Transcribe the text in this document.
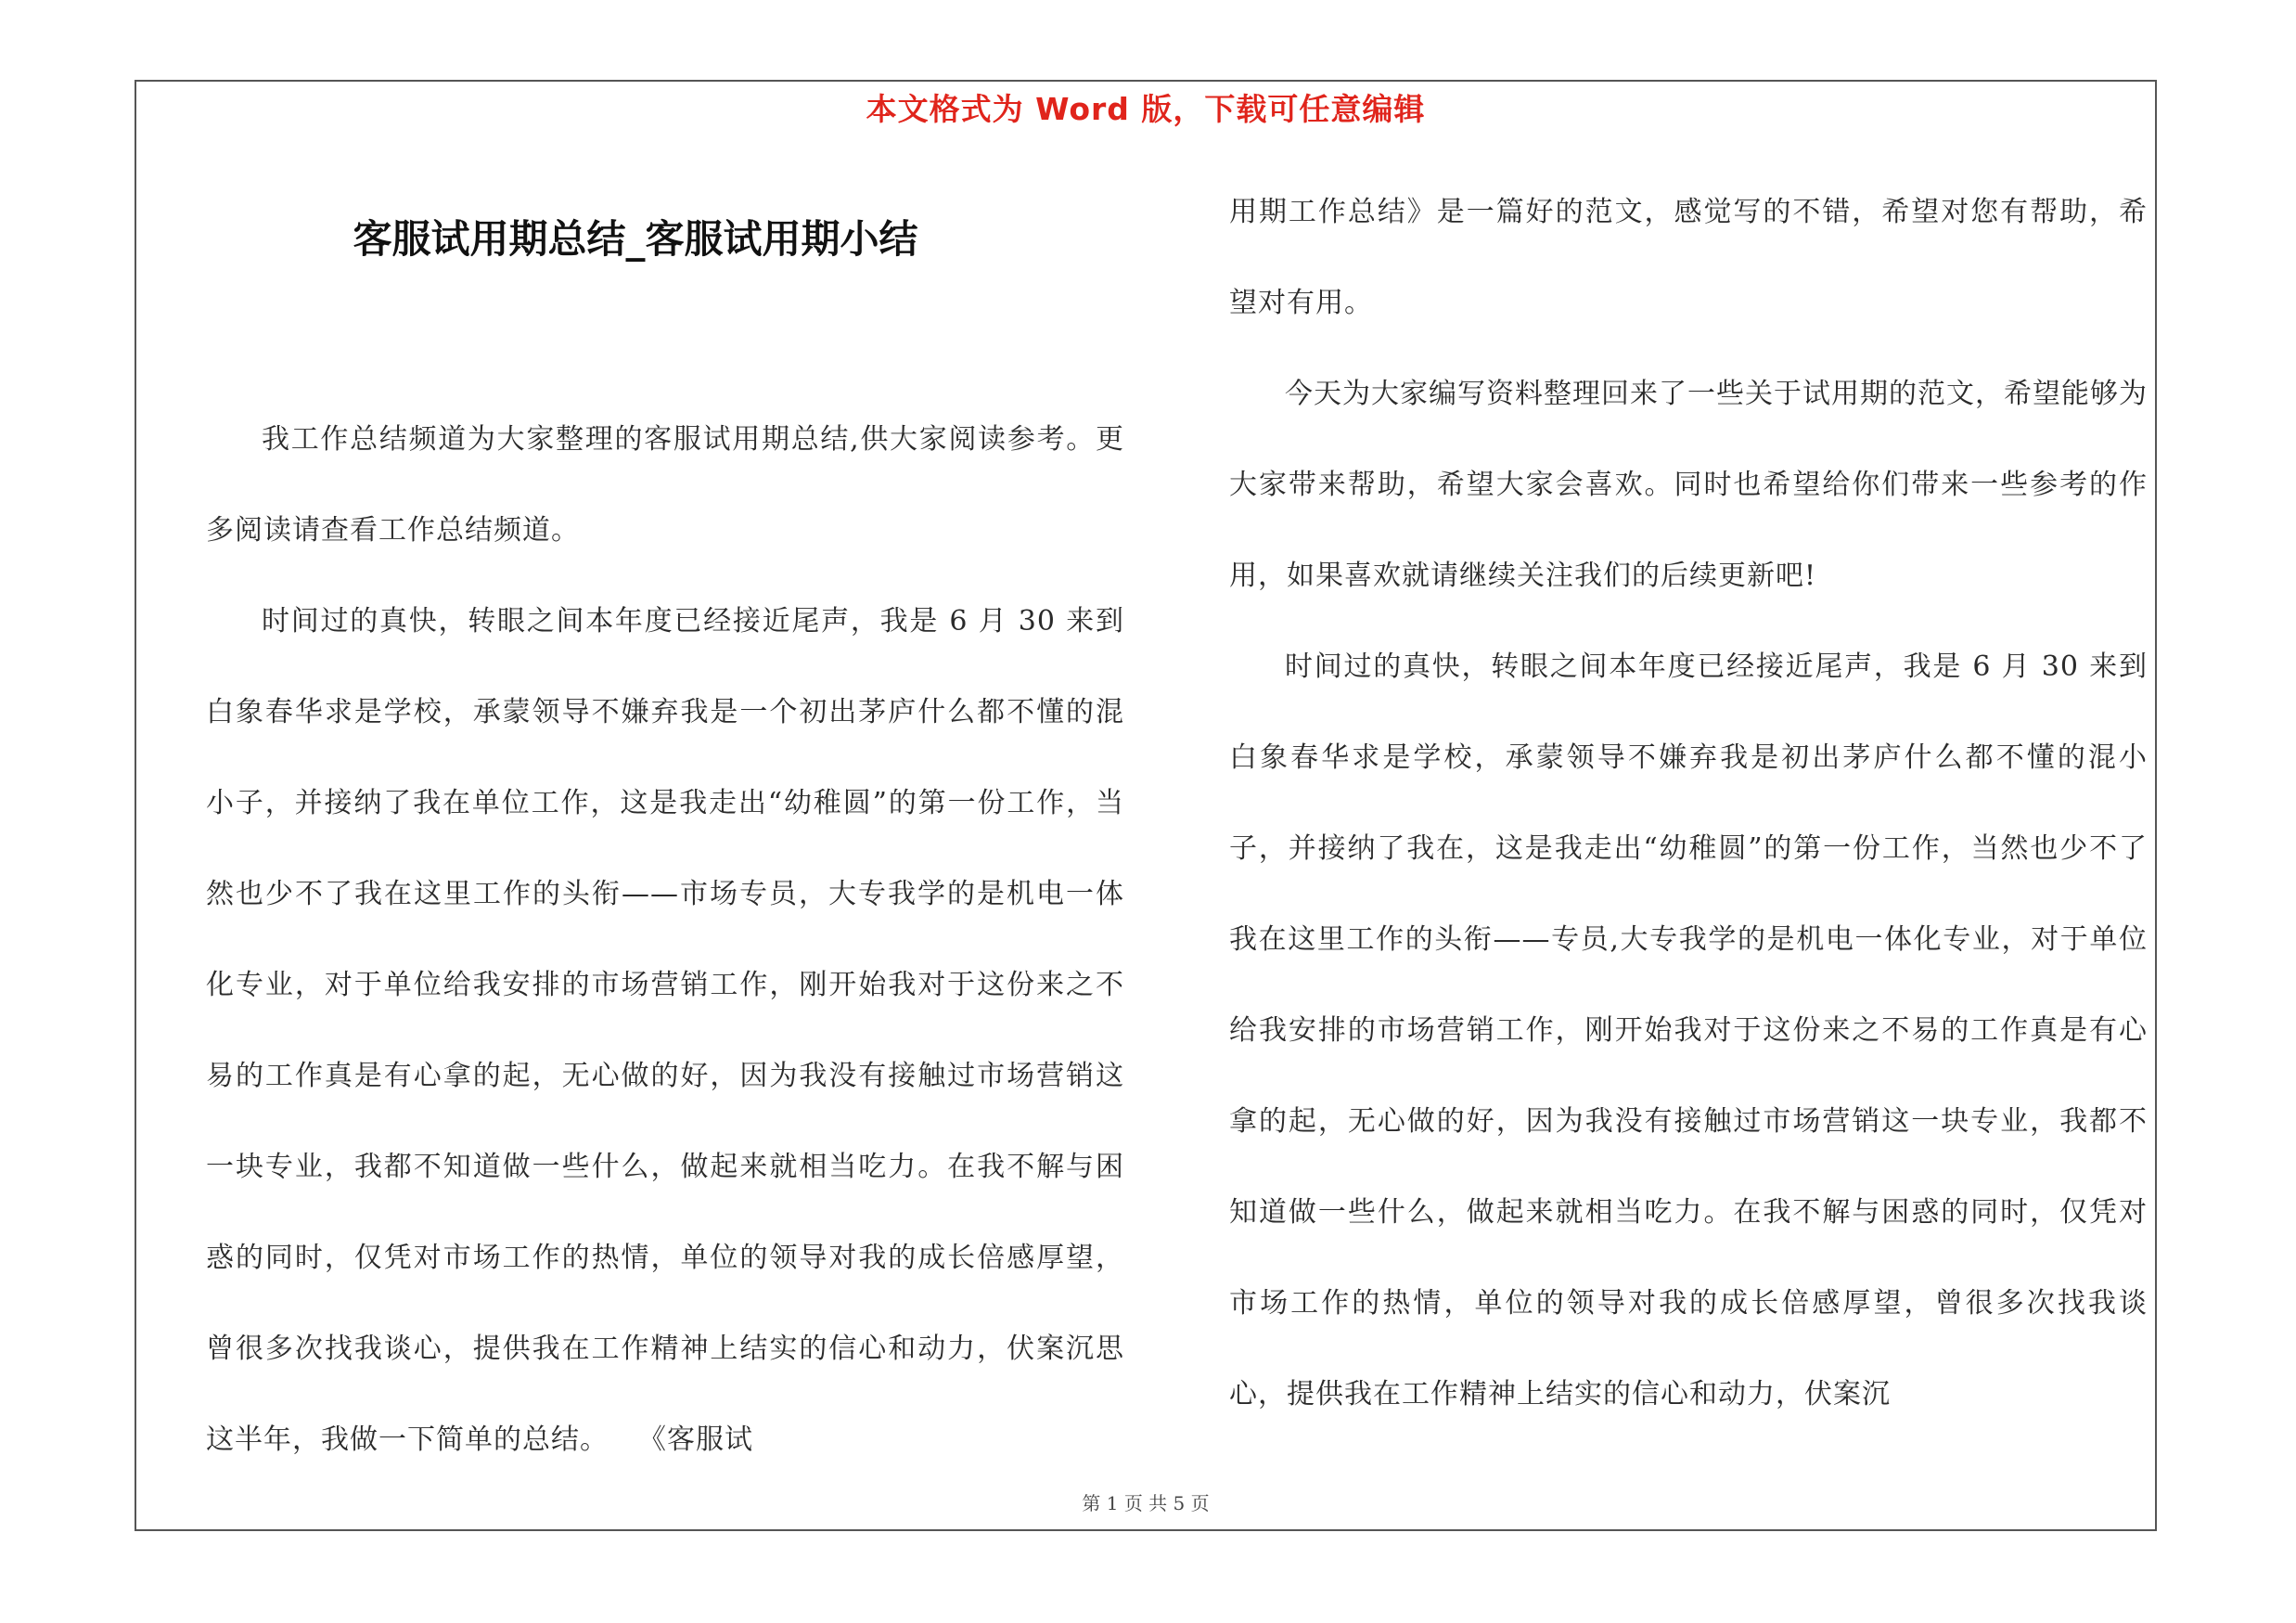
本文格式为 Word 版，下载可任意编辑
客服试用期总结_客服试用期小结

我工作总结频道为大家整理的客服试用期总结,供大家阅读参考。更多阅读请查看工作总结频道。

时间过的真快，转眼之间本年度已经接近尾声，我是 6 月 30 来到白象春华求是学校，承蒙领导不嫌弃我是一个初出茅庐什么都不懂的混小子，并接纳了我在单位工作，这是我走出“幼稚圆”的第一份工作，当然也少不了我在这里工作的头衔——市场专员，大专我学的是机电一体化专业，对于单位给我安排的市场营销工作，刚开始我对于这份来之不易的工作真是有心拿的起，无心做的好，因为我没有接触过市场营销这一块专业，我都不知道做一些什么，做起来就相当吃力。在我不解与困惑的同时，仅凭对市场工作的热情，单位的领导对我的成长倍感厚望，曾很多次找我谈心，提供我在工作精神上结实的信心和动力，伏案沉思这半年，我做一下简单的总结。　　《客服试

用期工作总结》是一篇好的范文，感觉写的不错，希望对您有帮助，希望对有用。

今天为大家编写资料整理回来了一些关于试用期的范文，希望能够为大家带来帮助，希望大家会喜欢。同时也希望给你们带来一些参考的作用，如果喜欢就请继续关注我们的后续更新吧!

时间过的真快，转眼之间本年度已经接近尾声，我是 6 月 30 来到白象春华求是学校，承蒙领导不嫌弃我是初出茅庐什么都不懂的混小子，并接纳了我在，这是我走出“幼稚圆”的第一份工作，当然也少不了我在这里工作的头衔——专员,大专我学的是机电一体化专业，对于单位给我安排的市场营销工作，刚开始我对于这份来之不易的工作真是有心拿的起，无心做的好，因为我没有接触过市场营销这一块专业，我都不知道做一些什么，做起来就相当吃力。在我不解与困惑的同时，仅凭对市场工作的热情，单位的领导对我的成长倍感厚望，曾很多次找我谈心，提供我在工作精神上结实的信心和动力，伏案沉

第 1 页 共 5 页
